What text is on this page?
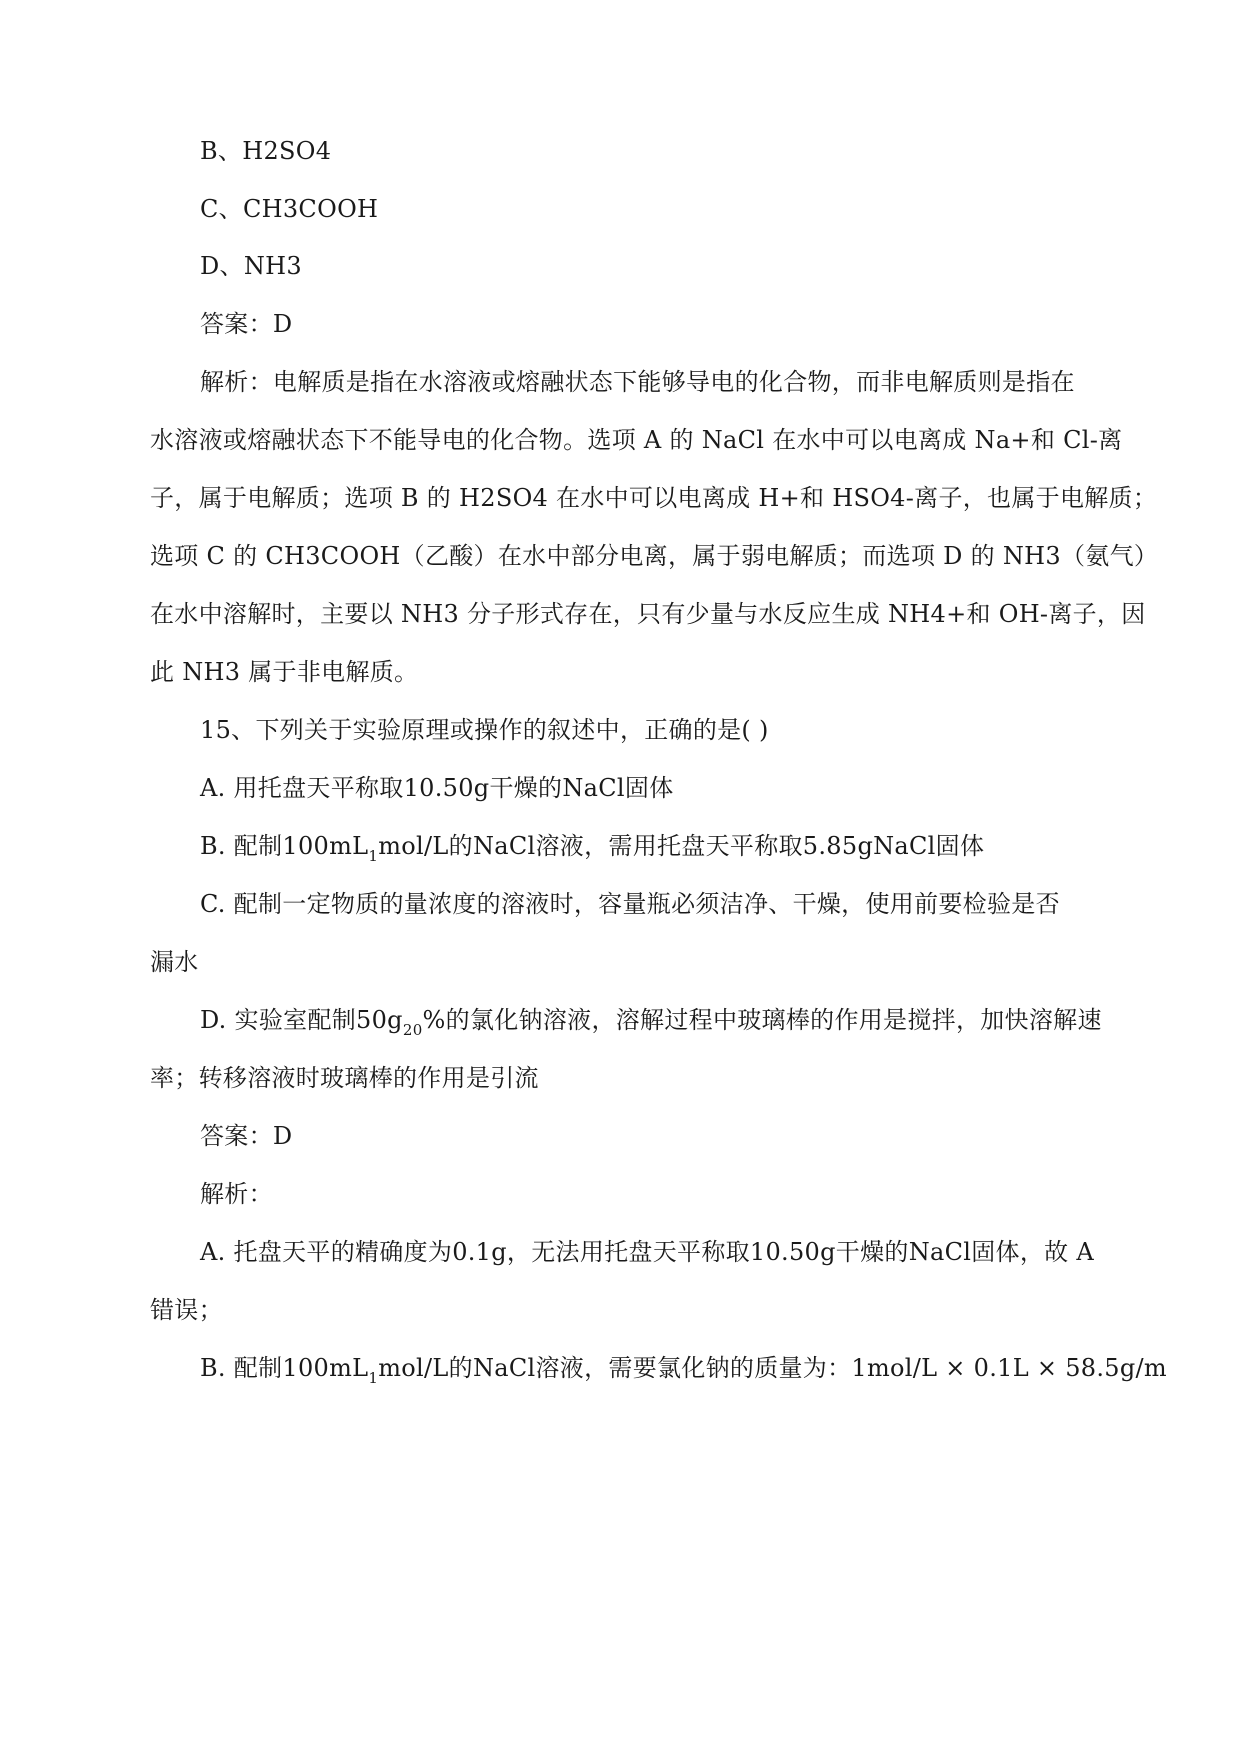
B、H2SO4
C、CH3COOH
D、NH3
答案：D
解析：电解质是指在水溶液或熔融状态下能够导电的化合物，而非电解质则是指在
水溶液或熔融状态下不能导电的化合物。选项 A 的 NaCl 在水中可以电离成 Na+和 Cl-离
子，属于电解质；选项 B 的 H2SO4 在水中可以电离成 H+和 HSO4-离子，也属于电解质；
选项 C 的 CH3COOH（乙酸）在水中部分电离，属于弱电解质；而选项 D 的 NH3（氨气）
在水中溶解时，主要以 NH3 分子形式存在，只有少量与水反应生成 NH4+和 OH-离子，因
此 NH3 属于非电解质。
15、下列关于实验原理或操作的叙述中，正确的是( )
A. 用托盘天平称取10.50g干燥的NaCl固体
B. 配制$100mL_1mol/L$的NaCl溶液，需用托盘天平称取5.85gNaCl固体
C. 配制一定物质的量浓度的溶液时，容量瓶必须洁净、干燥，使用前要检验是否
漏水
D. 实验室配制$50g_{20}\%$的氯化钠溶液，溶解过程中玻璃棒的作用是搅拌，加快溶解速
率；转移溶液时玻璃棒的作用是引流
答案：D
解析：
A. 托盘天平的精确度为0.1g，无法用托盘天平称取10.50g干燥的NaCl固体，故 A
错误；
B. 配制$100mL_1mol/L$的NaCl溶液，需要氯化钠的质量为：1mol/L × 0.1L × 58.5g/m
